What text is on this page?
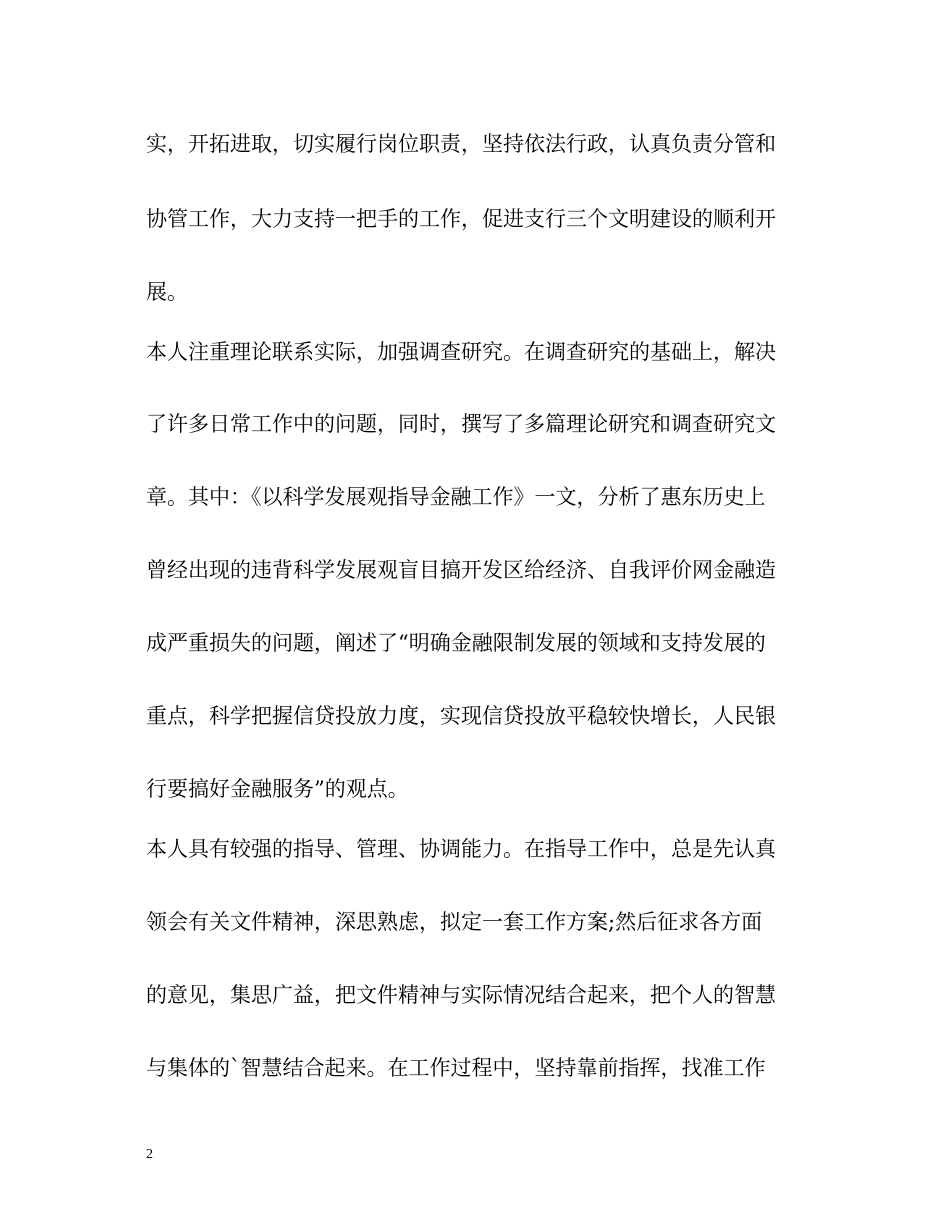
实，开拓进取，切实履行岗位职责，坚持依法行政，认真负责分管和
协管工作，大力支持一把手的工作，促进支行三个文明建设的顺利开
展。
本人注重理论联系实际，加强调查研究。在调查研究的基础上，解决
了许多日常工作中的问题，同时，撰写了多篇理论研究和调查研究文
章。其中：《以科学发展观指导金融工作》一文，分析了惠东历史上
曾经出现的违背科学发展观盲目搞开发区给经济、自我评价网金融造
成严重损失的问题，阐述了“明确金融限制发展的领域和支持发展的
重点，科学把握信贷投放力度，实现信贷投放平稳较快增长，人民银
行要搞好金融服务”的观点。
本人具有较强的指导、管理、协调能力。在指导工作中，总是先认真
领会有关文件精神，深思熟虑，拟定一套工作方案;然后征求各方面
的意见，集思广益，把文件精神与实际情况结合起来，把个人的智慧
与集体的`智慧结合起来。在工作过程中，坚持靠前指挥，找准工作
2
